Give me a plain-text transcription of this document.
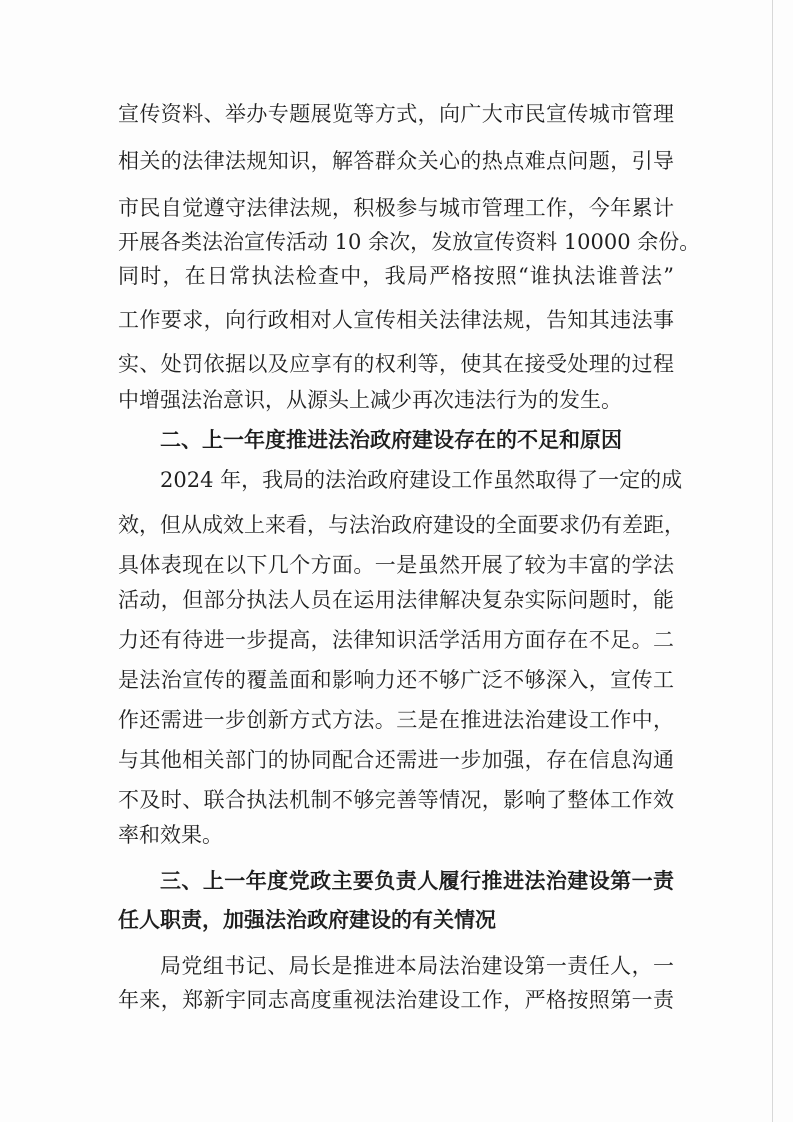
宣传资料、举办专题展览等方式，向广大市民宣传城市管理
相关的法律法规知识，解答群众关心的热点难点问题，引导
市民自觉遵守法律法规，积极参与城市管理工作，今年累计
开展各类法治宣传活动 10 余次，发放宣传资料 10000 余份。
同时，在日常执法检查中，我局严格按照“谁执法谁普法”
工作要求，向行政相对人宣传相关法律法规，告知其违法事
实、处罚依据以及应享有的权利等，使其在接受处理的过程
中增强法治意识，从源头上减少再次违法行为的发生。
二、上一年度推进法治政府建设存在的不足和原因
2024 年，我局的法治政府建设工作虽然取得了一定的成
效，但从成效上来看，与法治政府建设的全面要求仍有差距，
具体表现在以下几个方面。一是虽然开展了较为丰富的学法
活动，但部分执法人员在运用法律解决复杂实际问题时，能
力还有待进一步提高，法律知识活学活用方面存在不足。二
是法治宣传的覆盖面和影响力还不够广泛不够深入，宣传工
作还需进一步创新方式方法。三是在推进法治建设工作中，
与其他相关部门的协同配合还需进一步加强，存在信息沟通
不及时、联合执法机制不够完善等情况，影响了整体工作效
率和效果。
三、上一年度党政主要负责人履行推进法治建设第一责
任人职责，加强法治政府建设的有关情况
局党组书记、局长是推进本局法治建设第一责任人，一
年来，郑新宇同志高度重视法治建设工作，严格按照第一责
